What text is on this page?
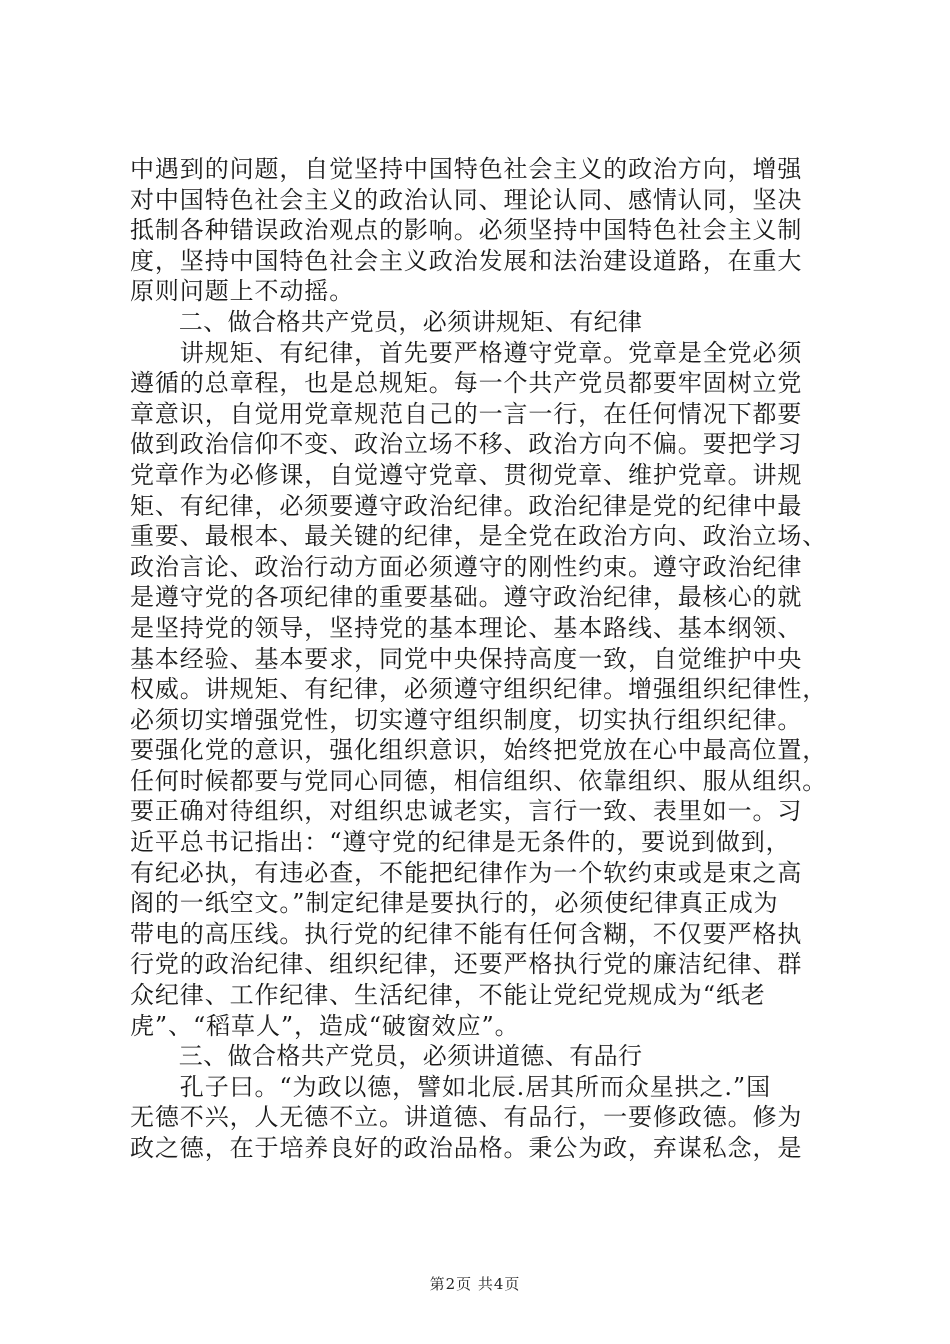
中遇到的问题，自觉坚持中国特色社会主义的政治方向，增强
对中国特色社会主义的政治认同、理论认同、感情认同，坚决
抵制各种错误政治观点的影响。必须坚持中国特色社会主义制
度，坚持中国特色社会主义政治发展和法治建设道路，在重大
原则问题上不动摇。
　　二、做合格共产党员，必须讲规矩、有纪律
　　讲规矩、有纪律，首先要严格遵守党章。党章是全党必须
遵循的总章程，也是总规矩。每一个共产党员都要牢固树立党
章意识，自觉用党章规范自己的一言一行，在任何情况下都要
做到政治信仰不变、政治立场不移、政治方向不偏。要把学习
党章作为必修课，自觉遵守党章、贯彻党章、维护党章。讲规
矩、有纪律，必须要遵守政治纪律。政治纪律是党的纪律中最
重要、最根本、最关键的纪律，是全党在政治方向、政治立场、
政治言论、政治行动方面必须遵守的刚性约束。遵守政治纪律
是遵守党的各项纪律的重要基础。遵守政治纪律，最核心的就
是坚持党的领导，坚持党的基本理论、基本路线、基本纲领、
基本经验、基本要求，同党中央保持高度一致，自觉维护中央
权威。讲规矩、有纪律，必须遵守组织纪律。增强组织纪律性，
必须切实增强党性，切实遵守组织制度，切实执行组织纪律。
要强化党的意识，强化组织意识，始终把党放在心中最高位置，
任何时候都要与党同心同德，相信组织、依靠组织、服从组织。
要正确对待组织，对组织忠诚老实，言行一致、表里如一。习
近平总书记指出：“遵守党的纪律是无条件的，要说到做到，
有纪必执，有违必查，不能把纪律作为一个软约束或是束之高
阁的一纸空文。”制定纪律是要执行的，必须使纪律真正成为
带电的高压线。执行党的纪律不能有任何含糊，不仅要严格执
行党的政治纪律、组织纪律，还要严格执行党的廉洁纪律、群
众纪律、工作纪律、生活纪律，不能让党纪党规成为“纸老
虎”、“稻草人”，造成“破窗效应”。
　　三、做合格共产党员，必须讲道德、有品行
　　孔子曰。“为政以德，譬如北辰.居其所而众星拱之.”国
无德不兴，人无德不立。讲道德、有品行，一要修政德。修为
政之德，在于培养良好的政治品格。秉公为政，弃谋私念，是
第2页 共4页
